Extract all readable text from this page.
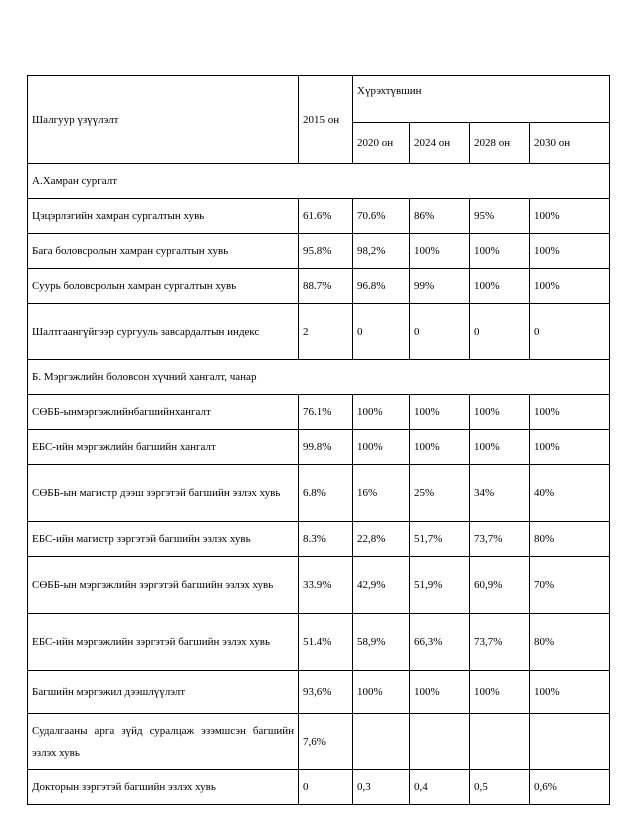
Шалгуур үзүүлэлт	2015 он	Хүрэхтүвшин			
		2020 он	2024 он	2028 он	2030 он
А.Хамран сургалт					
Цэцэрлэгийн хамран сургалтын хувь	61.6%	70.6%	86%	95%	100%
Бага боловсролын хамран сургалтын хувь	95.8%	98,2%	100%	100%	100%
Суурь боловсролын хамран сургалтын хувь	88.7%	96.8%	99%	100%	100%
Шалтгаангүйгээр сургууль завсардалтын индекс	2	0	0	0	0
Б. Мэргэжлийн боловсон хүчний хангалт, чанар					
СӨББ-ынмэргэжлийнбагшийнхангалт	76.1%	100%	100%	100%	100%
ЕБС-ийн мэргэжлийн багшийн хангалт	99.8%	100%	100%	100%	100%
СӨББ-ын магистр дээш зэргэтэй багшийн эзлэх хувь	6.8%	16%	25%	34%	40%
ЕБС-ийн магистр зэргэтэй багшийн эзлэх хувь	8.3%	22,8%	51,7%	73,7%	80%
СӨББ-ын мэргэжлийн зэргэтэй багшийн эзлэх хувь	33.9%	42,9%	51,9%	60,9%	70%
ЕБС-ийн мэргэжлийн зэргэтэй багшийн эзлэх хувь	51.4%	58,9%	66,3%	73,7%	80%
Багшийн мэргэжил дээшлүүлэлт	93,6%	100%	100%	100%	100%
Судалгааны арга зүйд суралцаж эзэмшсэн багшийн эзлэх хувь	7,6%				
Докторын зэргэтэй багшийн эзлэх хувь	0	0,3	0,4	0,5	0,6%
